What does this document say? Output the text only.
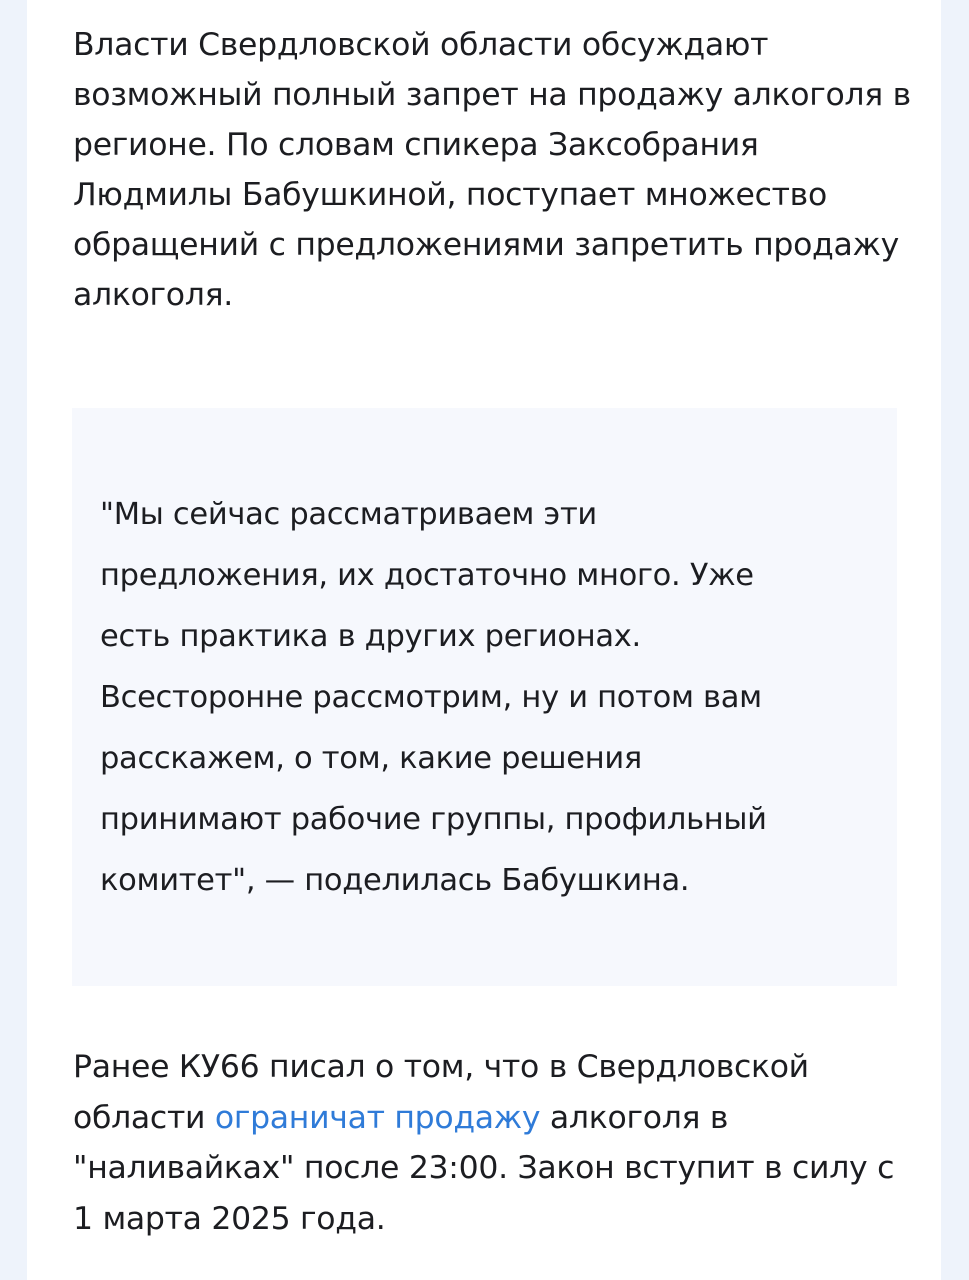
Власти Свердловской области обсуждают возможный полный запрет на продажу алкоголя в регионе. По словам спикера Заксобрания Людмилы Бабушкиной, поступает множество обращений с предложениями запретить продажу алкоголя.

"Мы сейчас рассматриваем эти предложения, их достаточно много. Уже есть практика в других регионах. Всесторонне рассмотрим, ну и потом вам расскажем, о том, какие решения принимают рабочие группы, профильный комитет", — поделилась Бабушкина.

Ранее КУ66 писал о том, что в Свердловской области ограничат продажу алкоголя в "наливайках" после 23:00. Закон вступит в силу с 1 марта 2025 года.
